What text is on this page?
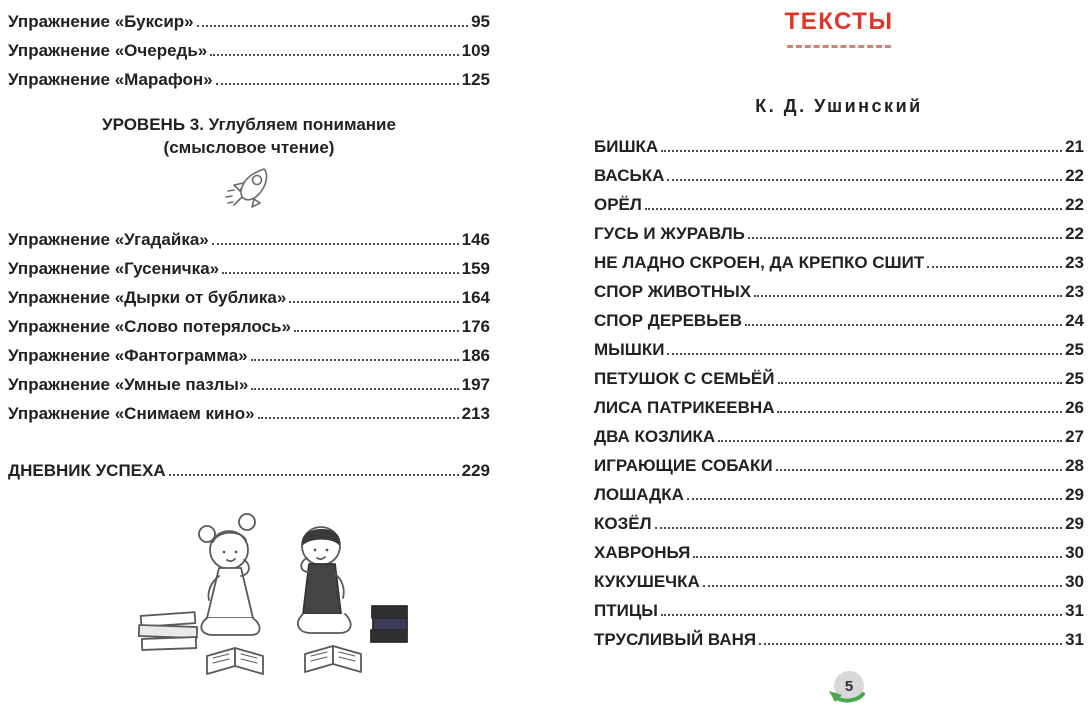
Упражнение «Буксир»	95
Упражнение «Очередь»	109
Упражнение «Марафон»	125
УРОВЕНЬ 3. Углубляем понимание
(смысловое чтение)
Упражнение «Угадайка»	146
Упражнение «Гусеничка»	159
Упражнение «Дырки от бублика»	164
Упражнение «Слово потерялось»	176
Упражнение «Фантограмма»	186
Упражнение «Умные пазлы»	197
Упражнение «Снимаем кино»	213
ДНЕВНИК УСПЕХА	229
ТЕКСТЫ
К. Д. Ушинский
БИШКА	21
ВАСЬКА	22
ОРЁЛ	22
ГУСЬ И ЖУРАВЛЬ	22
НЕ ЛАДНО СКРОЕН, ДА КРЕПКО СШИТ	23
СПОР ЖИВОТНЫХ	23
СПОР ДЕРЕВЬЕВ	24
МЫШКИ	25
ПЕТУШОК С СЕМЬЁЙ	25
ЛИСА ПАТРИКЕЕВНА	26
ДВА КОЗЛИКА	27
ИГРАЮЩИЕ СОБАКИ	28
ЛОШАДКА	29
КОЗЁЛ	29
ХАВРОНЬЯ	30
КУКУШЕЧКА	30
ПТИЦЫ	31
ТРУСЛИВЫЙ ВАНЯ	31
5
